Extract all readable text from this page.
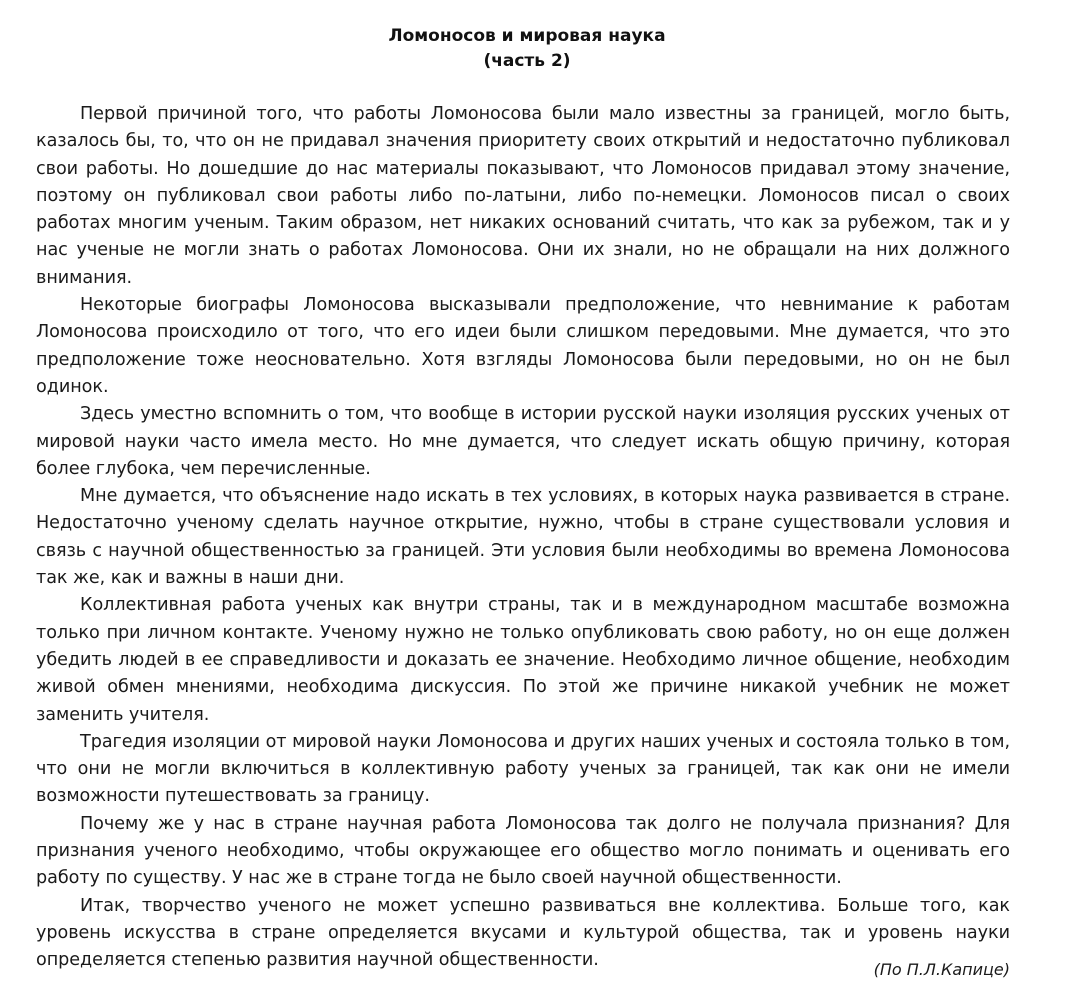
Ломоносов и мировая наука
(часть 2)

Первой причиной того, что работы Ломоносова были мало известны за границей, могло быть, казалось бы, то, что он не придавал значения приоритету своих открытий и недостаточно публиковал свои работы. Но дошедшие до нас материалы показывают, что Ломоносов придавал этому значение, поэтому он публиковал свои работы либо по-латыни, либо по-немецки. Ломоносов писал о своих работах многим ученым. Таким образом, нет никаких оснований считать, что как за рубежом, так и у нас ученые не могли знать о работах Ломоносова. Они их знали, но не обращали на них должного внимания.

Некоторые биографы Ломоносова высказывали предположение, что невнимание к работам Ломоносова происходило от того, что его идеи были слишком передовыми. Мне думается, что это предположение тоже неосновательно. Хотя взгляды Ломоносова были передовыми, но он не был одинок.

Здесь уместно вспомнить о том, что вообще в истории русской науки изоляция русских ученых от мировой науки часто имела место. Но мне думается, что следует искать общую причину, которая более глубока, чем перечисленные.

Мне думается, что объяснение надо искать в тех условиях, в которых наука развивается в стране. Недостаточно ученому сделать научное открытие, нужно, чтобы в стране существовали условия и связь с научной общественностью за границей. Эти условия были необходимы во времена Ломоносова так же, как и важны в наши дни.

Коллективная работа ученых как внутри страны, так и в международном масштабе возможна только при личном контакте. Ученому нужно не только опубликовать свою работу, но он еще должен убедить людей в ее справедливости и доказать ее значение. Необходимо личное общение, необходим живой обмен мнениями, необходима дискуссия. По этой же причине никакой учебник не может заменить учителя.

Трагедия изоляции от мировой науки Ломоносова и других наших ученых и состояла только в том, что они не могли включиться в коллективную работу ученых за границей, так как они не имели возможности путешествовать за границу.

Почему же у нас в стране научная работа Ломоносова так долго не получала признания? Для признания ученого необходимо, чтобы окружающее его общество могло понимать и оценивать его работу по существу. У нас же в стране тогда не было своей научной общественности.

Итак, творчество ученого не может успешно развиваться вне коллектива. Больше того, как уровень искусства в стране определяется вкусами и культурой общества, так и уровень науки определяется степенью развития научной общественности.	(По П.Л.Капице)
